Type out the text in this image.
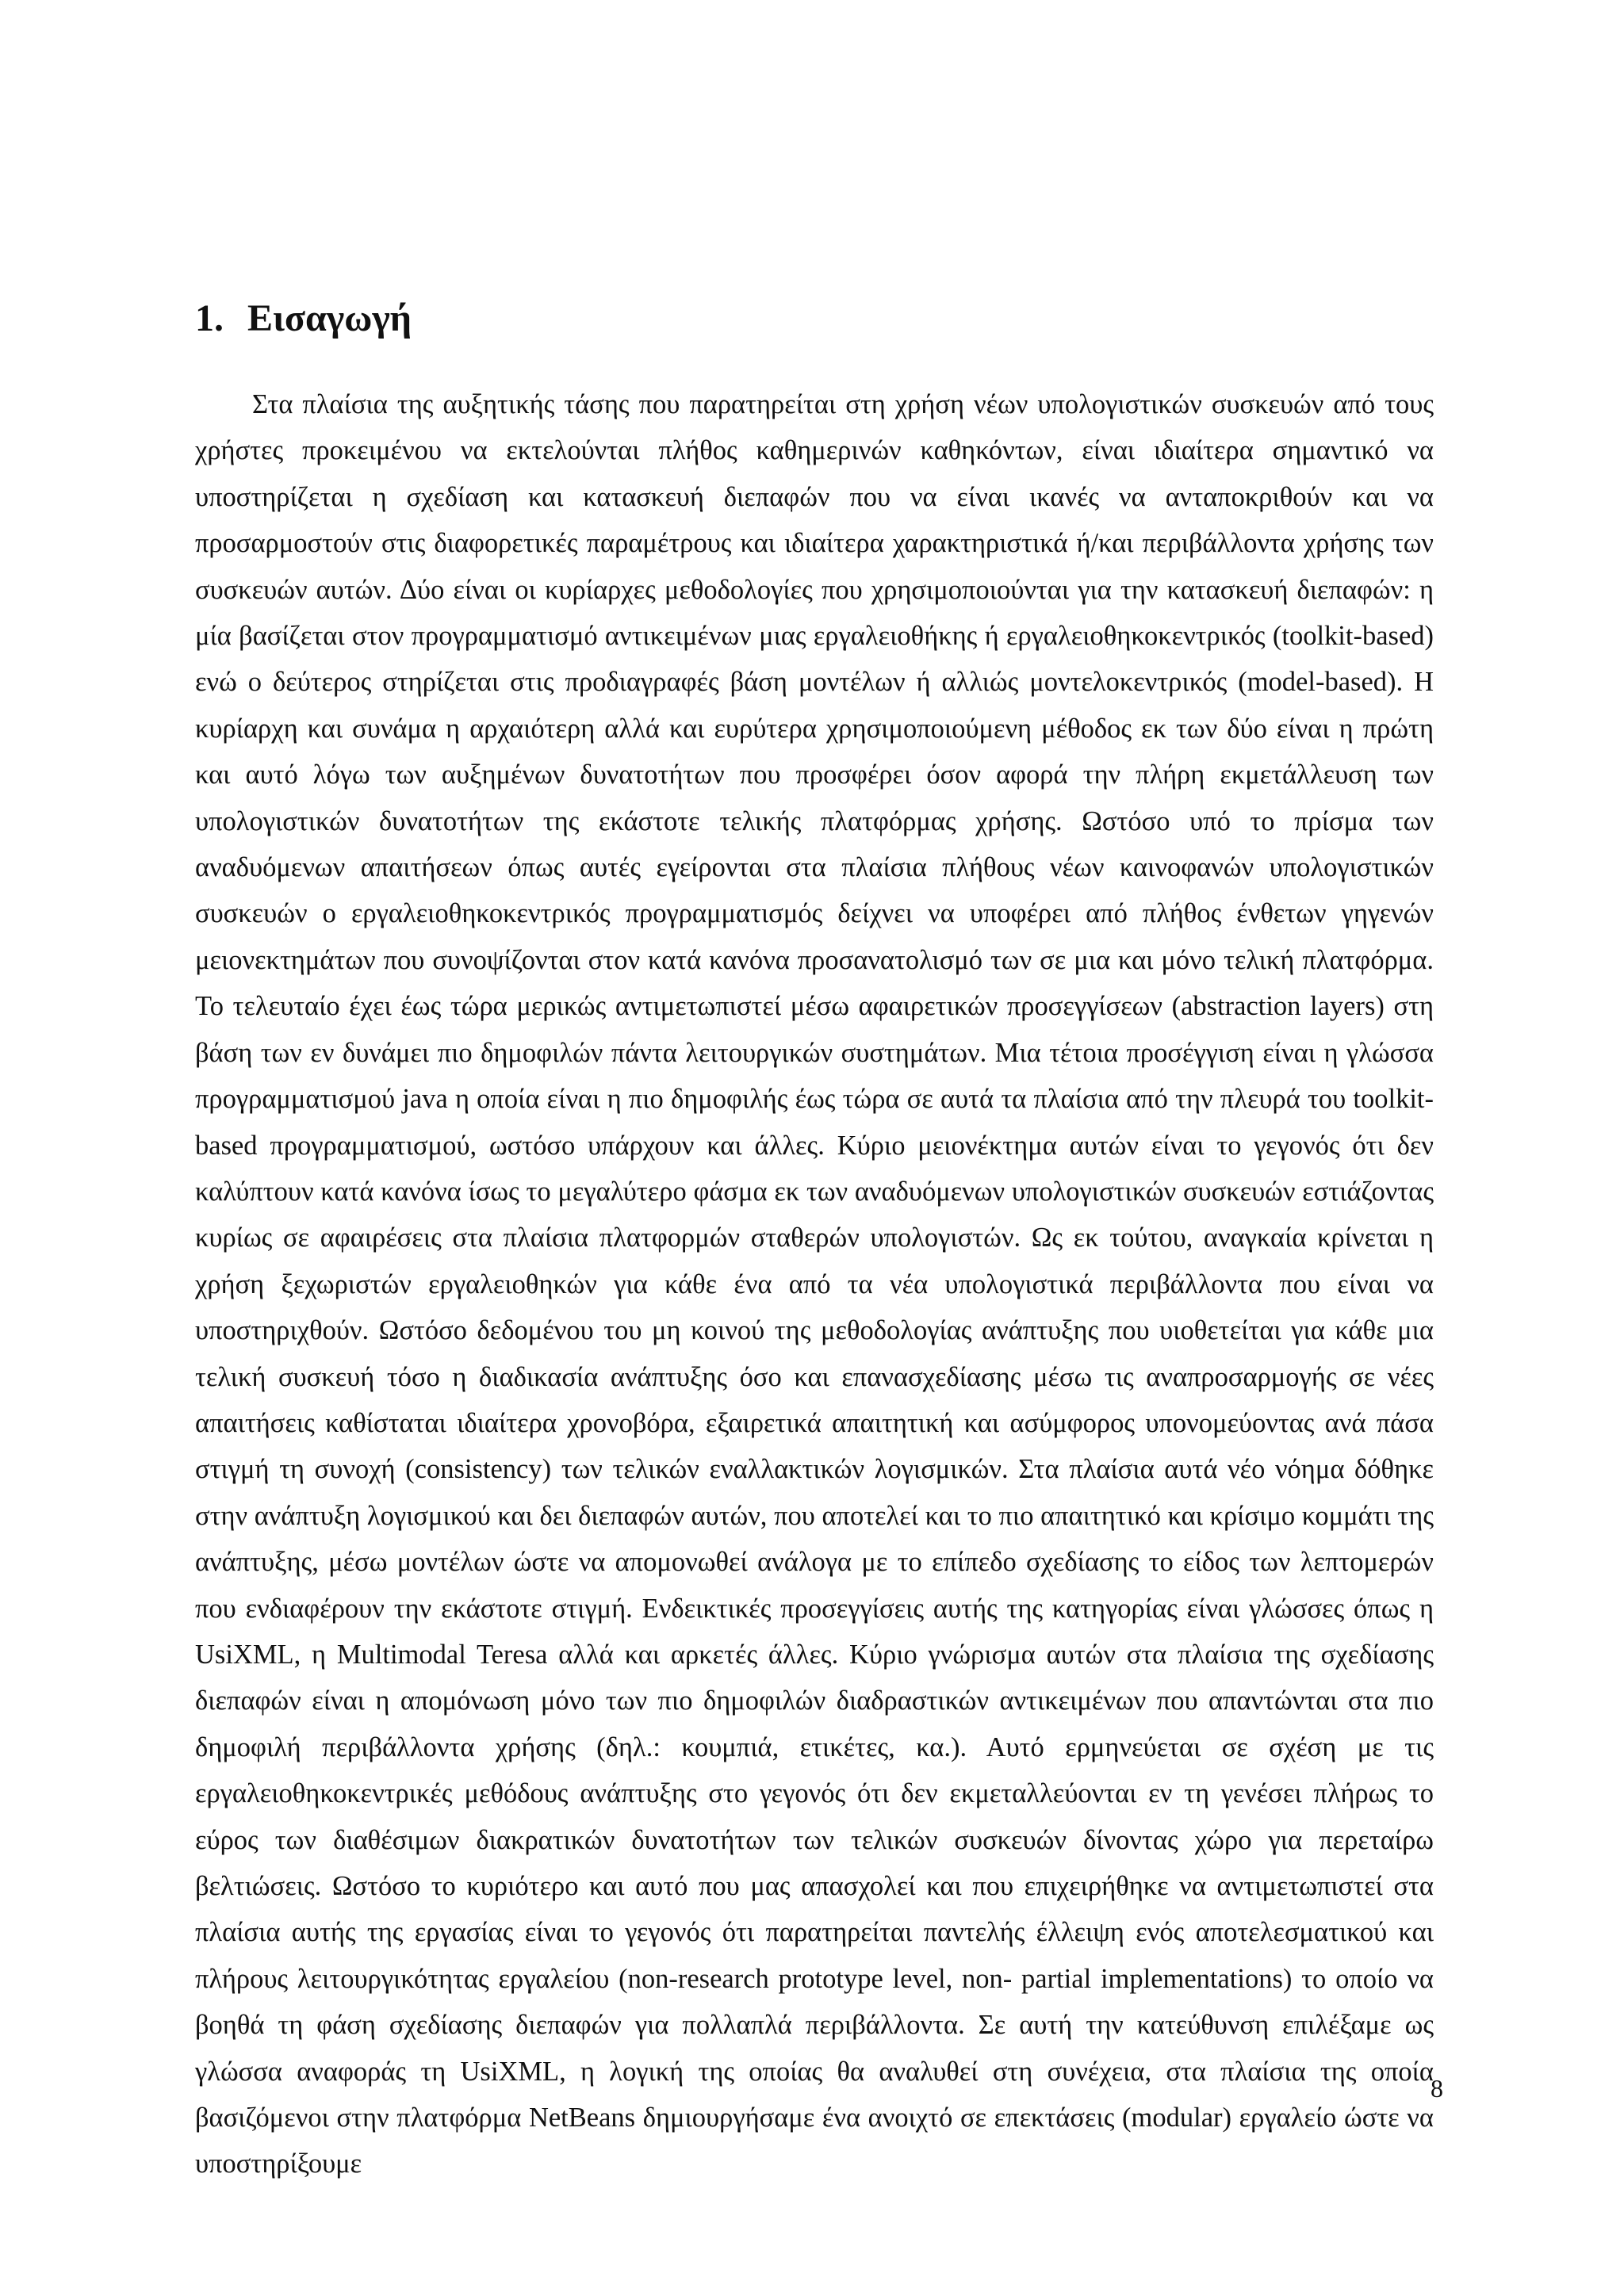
1. Εισαγωγή

Στα πλαίσια της αυξητικής τάσης που παρατηρείται στη χρήση νέων υπολογιστικών συσκευών από τους χρήστες προκειμένου να εκτελούνται πλήθος καθημερινών καθηκόντων, είναι ιδιαίτερα σημαντικό να υποστηρίζεται η σχεδίαση και κατασκευή διεπαφών που να είναι ικανές να ανταποκριθούν και να προσαρμοστούν στις διαφορετικές παραμέτρους και ιδιαίτερα χαρακτηριστικά ή/και περιβάλλοντα χρήσης των συσκευών αυτών. Δύο είναι οι κυρίαρχες μεθοδολογίες που χρησιμοποιούνται για την κατασκευή διεπαφών: η μία βασίζεται στον προγραμματισμό αντικειμένων μιας εργαλειοθήκης ή εργαλειοθηκοκεντρικός (toolkit-based) ενώ ο δεύτερος στηρίζεται στις προδιαγραφές βάση μοντέλων ή αλλιώς μοντελοκεντρικός (model-based). Η κυρίαρχη και συνάμα η αρχαιότερη αλλά και ευρύτερα χρησιμοποιούμενη μέθοδος εκ των δύο είναι η πρώτη και αυτό λόγω των αυξημένων δυνατοτήτων που προσφέρει όσον αφορά την πλήρη εκμετάλλευση των υπολογιστικών δυνατοτήτων της εκάστοτε τελικής πλατφόρμας χρήσης. Ωστόσο υπό το πρίσμα των αναδυόμενων απαιτήσεων όπως αυτές εγείρονται στα πλαίσια πλήθους νέων καινοφανών υπολογιστικών συσκευών ο εργαλειοθηκοκεντρικός προγραμματισμός δείχνει να υποφέρει από πλήθος ένθετων γηγενών μειονεκτημάτων που συνοψίζονται στον κατά κανόνα προσανατολισμό των σε μια και μόνο τελική πλατφόρμα. Το τελευταίο έχει έως τώρα μερικώς αντιμετωπιστεί μέσω αφαιρετικών προσεγγίσεων (abstraction layers) στη βάση των εν δυνάμει πιο δημοφιλών πάντα λειτουργικών συστημάτων. Μια τέτοια προσέγγιση είναι η γλώσσα προγραμματισμού java η οποία είναι η πιο δημοφιλής έως τώρα σε αυτά τα πλαίσια από την πλευρά του toolkit-based προγραμματισμού, ωστόσο υπάρχουν και άλλες. Κύριο μειονέκτημα αυτών είναι το γεγονός ότι δεν καλύπτουν κατά κανόνα ίσως το μεγαλύτερο φάσμα εκ των αναδυόμενων υπολογιστικών συσκευών εστιάζοντας κυρίως σε αφαιρέσεις στα πλαίσια πλατφορμών σταθερών υπολογιστών. Ως εκ τούτου, αναγκαία κρίνεται η χρήση ξεχωριστών εργαλειοθηκών για κάθε ένα από τα νέα υπολογιστικά περιβάλλοντα που είναι να υποστηριχθούν. Ωστόσο δεδομένου του μη κοινού της μεθοδολογίας ανάπτυξης που υιοθετείται για κάθε μια τελική συσκευή τόσο η διαδικασία ανάπτυξης όσο και επανασχεδίασης μέσω τις αναπροσαρμογής σε νέες απαιτήσεις καθίσταται ιδιαίτερα χρονοβόρα, εξαιρετικά απαιτητική και ασύμφορος υπονομεύοντας ανά πάσα στιγμή τη συνοχή (consistency) των τελικών εναλλακτικών λογισμικών. Στα πλαίσια αυτά νέο νόημα δόθηκε στην ανάπτυξη λογισμικού και δει διεπαφών αυτών, που αποτελεί και το πιο απαιτητικό και κρίσιμο κομμάτι της ανάπτυξης, μέσω μοντέλων ώστε να απομονωθεί ανάλογα με το επίπεδο σχεδίασης το είδος των λεπτομερών που ενδιαφέρουν την εκάστοτε στιγμή. Ενδεικτικές προσεγγίσεις αυτής της κατηγορίας είναι γλώσσες όπως η UsiXML, η Multimodal Teresa αλλά και αρκετές άλλες. Κύριο γνώρισμα αυτών στα πλαίσια της σχεδίασης διεπαφών είναι η απομόνωση μόνο των πιο δημοφιλών διαδραστικών αντικειμένων που απαντώνται στα πιο δημοφιλή περιβάλλοντα χρήσης (δηλ.: κουμπιά, ετικέτες, κα.). Αυτό ερμηνεύεται σε σχέση με τις εργαλειοθηκοκεντρικές μεθόδους ανάπτυξης στο γεγονός ότι δεν εκμεταλλεύονται εν τη γενέσει πλήρως το εύρος των διαθέσιμων διακρατικών δυνατοτήτων των τελικών συσκευών δίνοντας χώρο για περεταίρω βελτιώσεις. Ωστόσο το κυριότερο και αυτό που μας απασχολεί και που επιχειρήθηκε να αντιμετωπιστεί στα πλαίσια αυτής της εργασίας είναι το γεγονός ότι παρατηρείται παντελής έλλειψη ενός αποτελεσματικού και πλήρους λειτουργικότητας εργαλείου (non-research prototype level, non- partial implementations) το οποίο να βοηθά τη φάση σχεδίασης διεπαφών για πολλαπλά περιβάλλοντα. Σε αυτή την κατεύθυνση επιλέξαμε ως γλώσσα αναφοράς τη UsiXML, η λογική της οποίας θα αναλυθεί στη συνέχεια, στα πλαίσια της οποία βασιζόμενοι στην πλατφόρμα NetBeans δημιουργήσαμε ένα ανοιχτό σε επεκτάσεις (modular) εργαλείο ώστε να υποστηρίξουμε

8
